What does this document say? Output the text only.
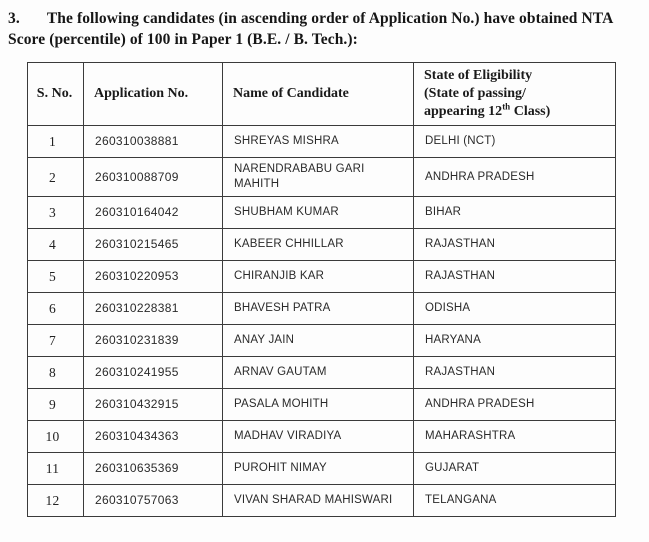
3. The following candidates (in ascending order of Application No.) have obtained NTA Score (percentile) of 100 in Paper 1 (B.E. / B. Tech.):

S. No.	Application No.	Name of Candidate	State of Eligibility
(State of passing/
appearing 12th Class)

1	260310038881	SHREYAS MISHRA	DELHI (NCT)
2	260310088709	NARENDRABABU GARI MAHITH	ANDHRA PRADESH
3	260310164042	SHUBHAM KUMAR	BIHAR
4	260310215465	KABEER CHHILLAR	RAJASTHAN
5	260310220953	CHIRANJIB KAR	RAJASTHAN
6	260310228381	BHAVESH PATRA	ODISHA
7	260310231839	ANAY JAIN	HARYANA
8	260310241955	ARNAV GAUTAM	RAJASTHAN
9	260310432915	PASALA MOHITH	ANDHRA PRADESH
10	260310434363	MADHAV VIRADIYA	MAHARASHTRA
11	260310635369	PUROHIT NIMAY	GUJARAT
12	260310757063	VIVAN SHARAD MAHISWARI	TELANGANA
